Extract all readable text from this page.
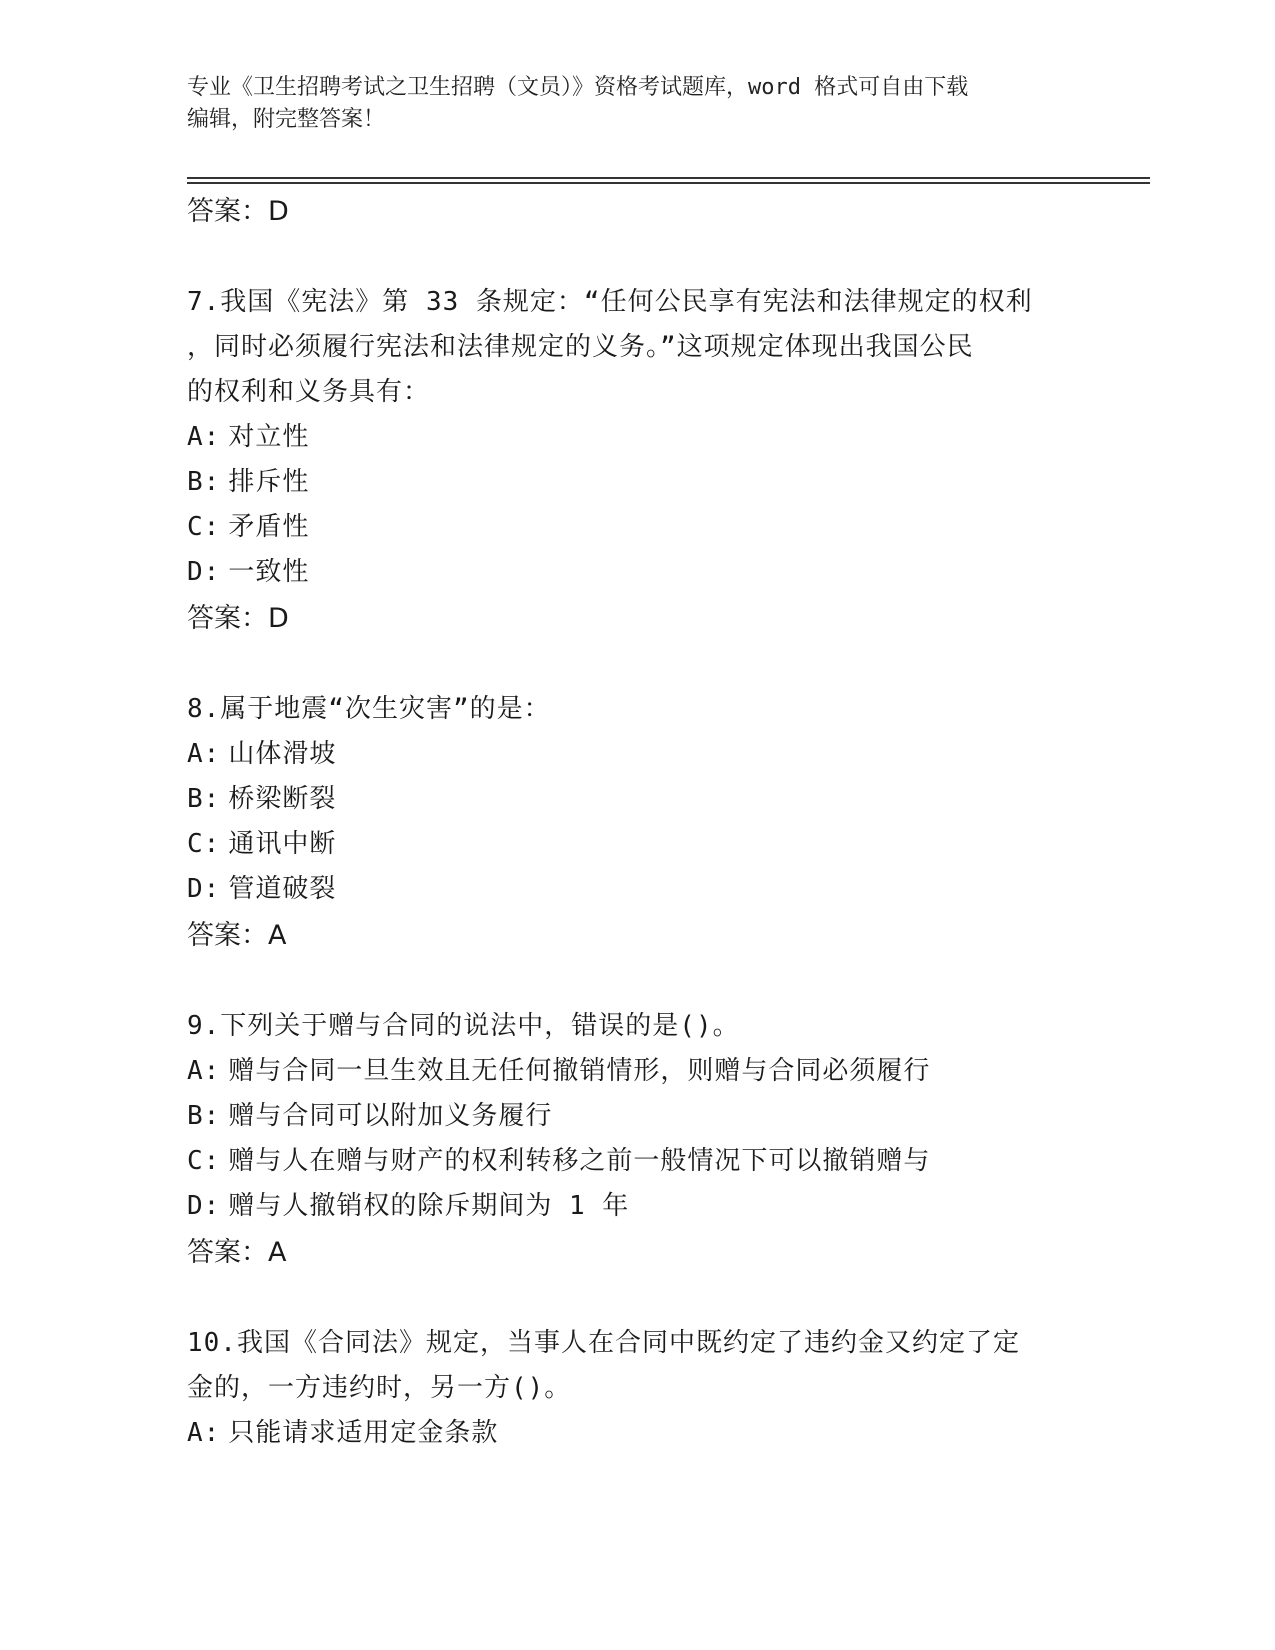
专业《卫生招聘考试之卫生招聘（文员）》资格考试题库，word 格式可自由下载
编辑，附完整答案！
答案：D
7.我国《宪法》第 33 条规定：“任何公民享有宪法和法律规定的权利
，同时必须履行宪法和法律规定的义务。”这项规定体现出我国公民
的权利和义务具有：
A: 对立性
B: 排斥性
C: 矛盾性
D: 一致性
答案：D
8.属于地震“次生灾害”的是：
A: 山体滑坡
B: 桥梁断裂
C: 通讯中断
D: 管道破裂
答案：A
9.下列关于赠与合同的说法中，错误的是()。
A: 赠与合同一旦生效且无任何撤销情形，则赠与合同必须履行
B: 赠与合同可以附加义务履行
C: 赠与人在赠与财产的权利转移之前一般情况下可以撤销赠与
D: 赠与人撤销权的除斥期间为 1 年
答案：A
10.我国《合同法》规定，当事人在合同中既约定了违约金又约定了定
金的，一方违约时，另一方()。
A: 只能请求适用定金条款
